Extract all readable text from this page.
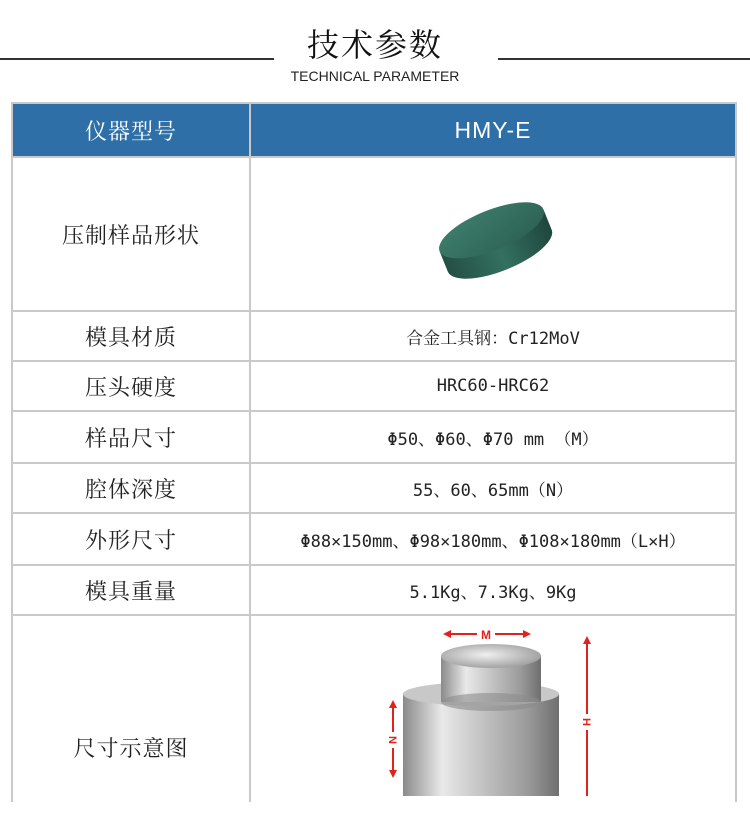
技术参数
TECHNICAL PARAMETER
仪器型号	HMY-E
压制样品形状
模具材质	合金工具钢：Cr12MoV
压头硬度	HRC60-HRC62
样品尺寸	Φ50、Φ60、Φ70 mm （M）
腔体深度	55、60、65mm（N）
外形尺寸	Φ88×150mm、Φ98×180mm、Φ108×180mm（L×H）
模具重量	5.1Kg、7.3Kg、9Kg
尺寸示意图
M
N
H
